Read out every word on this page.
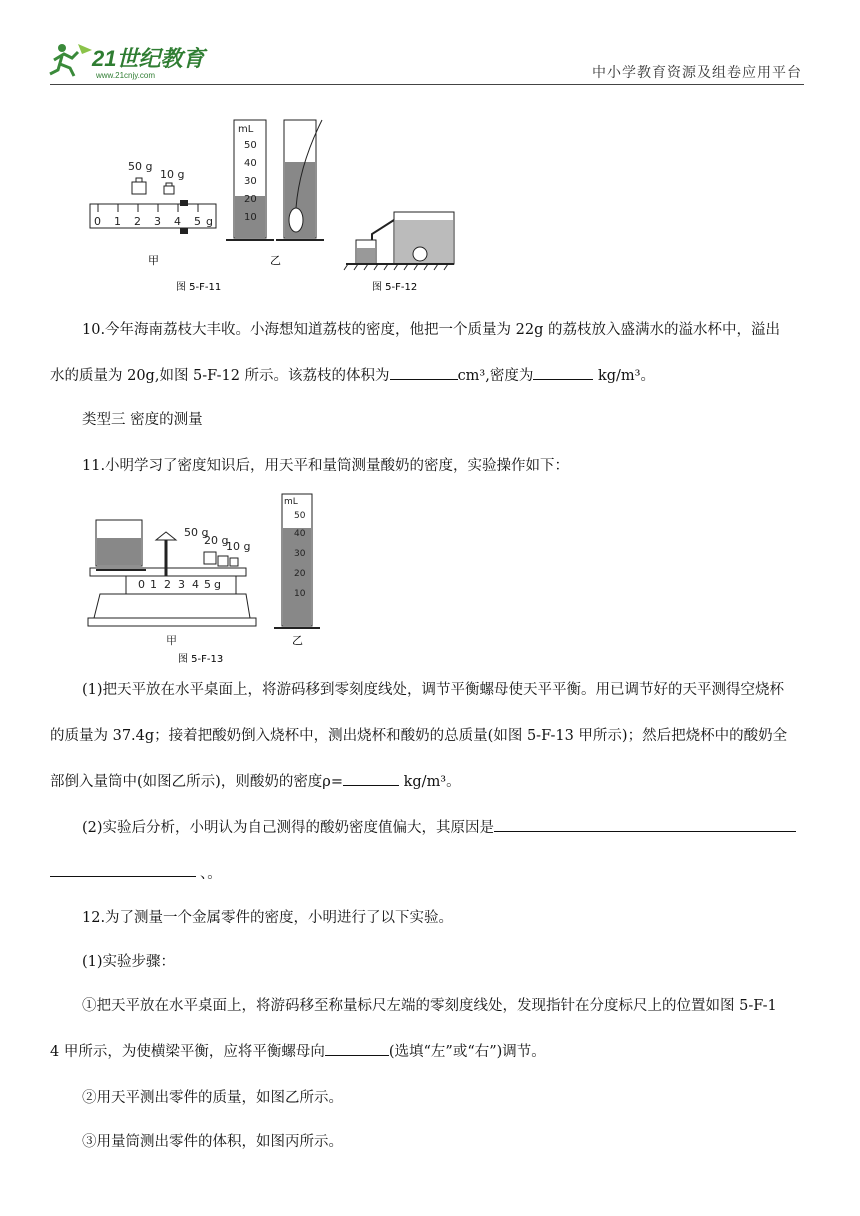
21世纪教育
www.21cnjy.com	中小学教育资源及组卷应用平台
50 g
10 g
0 1 2 3 4 5 g
甲
mL
50
40
30
20
10
乙
图 5-F-11	图 5-F-12
10.今年海南荔枝大丰收。小海想知道荔枝的密度，他把一个质量为 22g 的荔枝放入盛满水的溢水杯中，溢出
水的质量为 20g,如图 5-F-12 所示。该荔枝的体积为	cm³,密度为	kg/m³。
类型三 密度的测量
11.小明学习了密度知识后，用天平和量筒测量酸奶的密度，实验操作如下：
50 g
20 g
10 g
0 1 2 3 4 5 g
甲
mL
50
40
30
20
10
乙
图 5-F-13
(1)把天平放在水平桌面上，将游码移到零刻度线处，调节平衡螺母使天平平衡。用已调节好的天平测得空烧杯
的质量为 37.4g；接着把酸奶倒入烧杯中，测出烧杯和酸奶的总质量(如图 5-F-13 甲所示)；然后把烧杯中的酸奶全
部倒入量筒中(如图乙所示)，则酸奶的密度ρ=	kg/m³。
(2)实验后分析，小明认为自己测得的酸奶密度值偏大，其原因是
、。
12.为了测量一个金属零件的密度，小明进行了以下实验。
(1)实验步骤：
①把天平放在水平桌面上，将游码移至称量标尺左端的零刻度线处，发现指针在分度标尺上的位置如图 5-F-1
4 甲所示，为使横梁平衡，应将平衡螺母向	(选填“左”或“右”)调节。
②用天平测出零件的质量，如图乙所示。
③用量筒测出零件的体积，如图丙所示。
